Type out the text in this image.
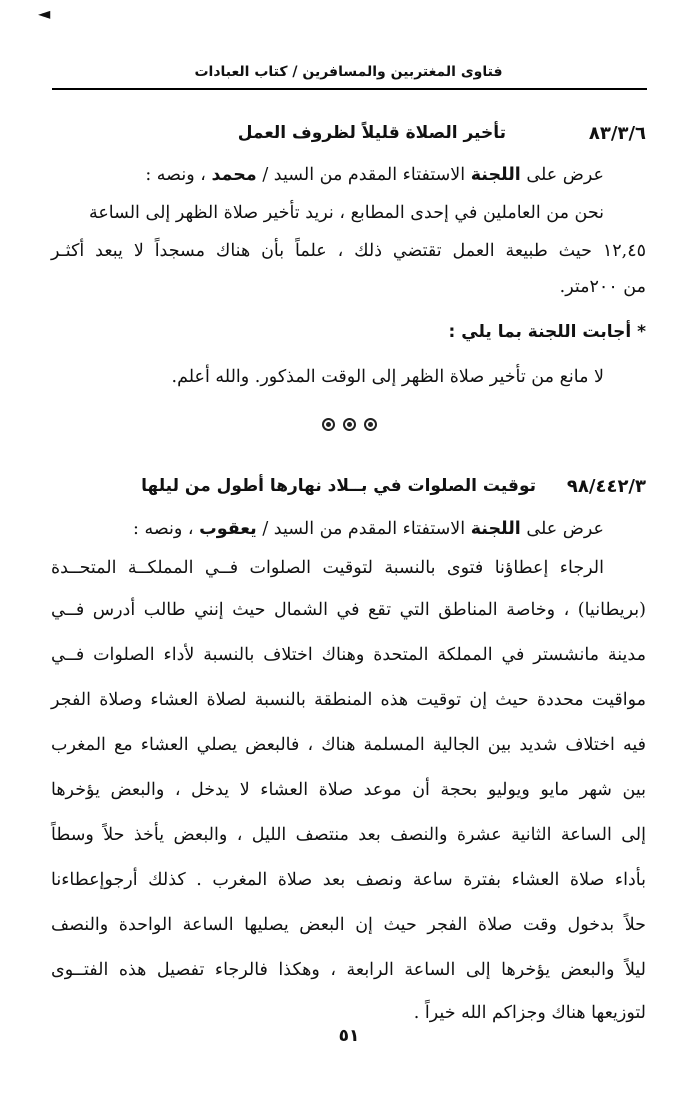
◄
فتاوى المغتربين والمسافرين / كتاب العبادات
٨٣/٣/٦
تأخير الصلاة قليلاً لظروف العمل
عرض على اللجنة الاستفتاء المقدم من السيد / محمد ، ونصه :
نحن من العاملين في إحدى المطابع ، نريد تأخير صلاة الظهر إلى الساعة
١٢,٤٥ حيث طبيعة العمل تقتضي ذلك ، علماً بأن هناك مسجداً لا يبعد أكثـر
من ٢٠٠متر.
* أجابت اللجنة بما يلي :
لا مانع من تأخير صلاة الظهر إلى الوقت المذكور. والله أعلم.
٩٨/٤٤٢/٣
توقيت الصلوات في بــلاد نهارها أطول من ليلها
عرض على اللجنة الاستفتاء المقدم من السيد / يعقوب ، ونصه :
الرجاء إعطاؤنا فتوى بالنسبة لتوقيت الصلوات فــي المملكــة المتحــدة
(بريطانيا) ، وخاصة المناطق التي تقع في الشمال حيث إنني طالب أدرس فــي
مدينة مانشستر في المملكة المتحدة وهناك اختلاف بالنسبة لأداء الصلوات فــي
مواقيت محددة حيث إن توقيت هذه المنطقة بالنسبة لصلاة العشاء وصلاة الفجر
فيه اختلاف شديد بين الجالية المسلمة هناك ، فالبعض يصلي العشاء مع المغرب
بين شهر مايو ويوليو بحجة أن موعد صلاة العشاء لا يدخل ، والبعض يؤخرها
إلى الساعة الثانية عشرة والنصف بعد منتصف الليل ، والبعض يأخذ حلاً وسطاً
بأداء صلاة العشاء بفترة ساعة ونصف بعد صلاة المغرب . كذلك أرجوإعطاءنا
حلاً بدخول وقت صلاة الفجر حيث إن البعض يصليها الساعة الواحدة والنصف
ليلاً والبعض يؤخرها إلى الساعة الرابعة ، وهكذا فالرجاء تفصيل هذه الفتــوى
لتوزيعها هناك وجزاكم الله خيراً .
٥١
